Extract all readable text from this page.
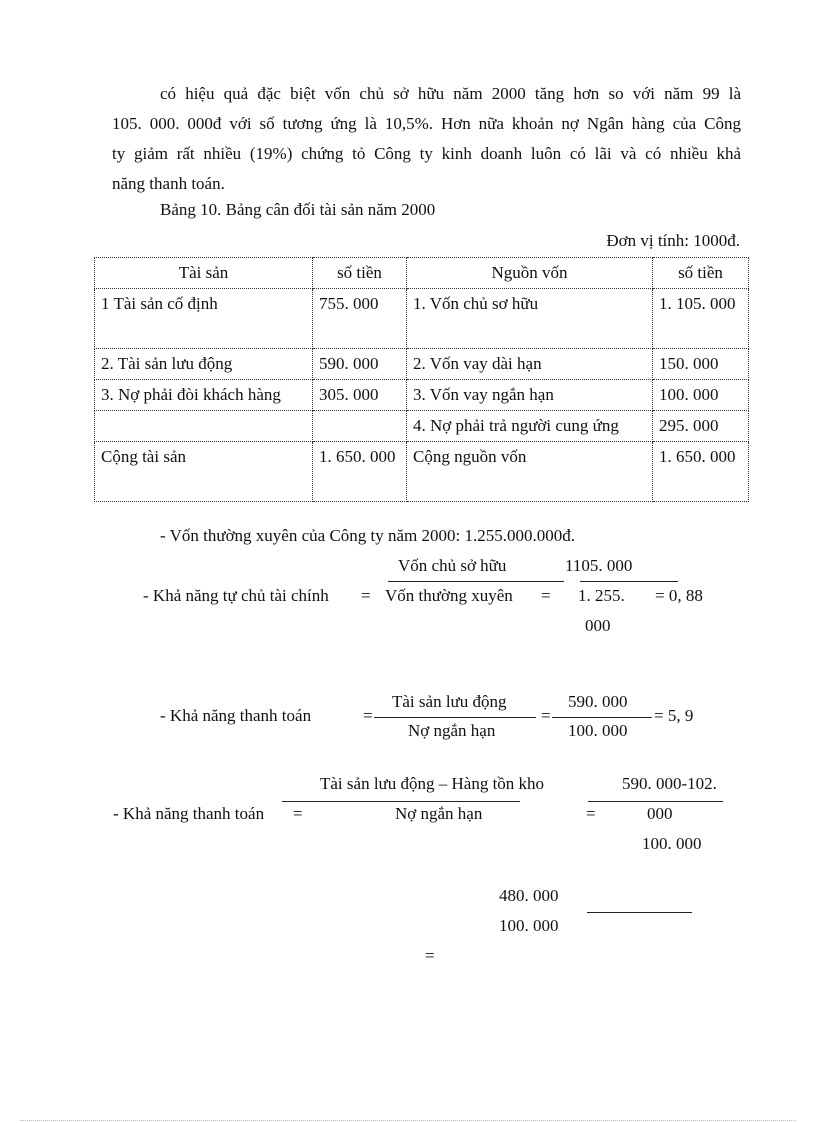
có hiệu quả đặc biệt vốn chủ sở hữu năm 2000 tăng hơn so với năm 99 là
105. 000. 000đ với số tương ứng là 10,5%. Hơn nữa khoản nợ Ngân hàng của Công
ty giảm rất nhiều (19%) chứng tỏ Công ty kinh doanh luôn có lãi và có nhiều khả
năng thanh toán.
Bảng 10. Bảng cân đối tài sản năm 2000
Đơn vị tính: 1000đ.
Tài sản	số tiền	Nguồn vốn	số tiền
1 Tài sản cố định	755. 000	1. Vốn chủ sơ hữu	1. 105. 000
2. Tài sản lưu động	590. 000	2. Vốn vay dài hạn	150. 000
3. Nợ phải đòi khách hàng	305. 000	3. Vốn vay ngắn hạn	100. 000
		4. Nợ phải trả người cung ứng	295. 000
Cộng tài sản	1. 650. 000	Cộng nguồn vốn	1. 650. 000
- Vốn thường xuyên của Công ty năm 2000: 1.255.000.000đ.
Vốn chủ sở hữu	1105. 000
- Khả năng tự chủ tài chính = Vốn thường xuyên = 1. 255. = 0, 88
000
Tài sản lưu động	590. 000
- Khả năng thanh toán	=	=	= 5, 9
Nợ ngắn hạn	100. 000
Tài sản lưu động – Hàng tồn kho	590. 000-102.
- Khả năng thanh toán =	Nợ ngắn hạn	=	000
100. 000
480. 000
100. 000
=
